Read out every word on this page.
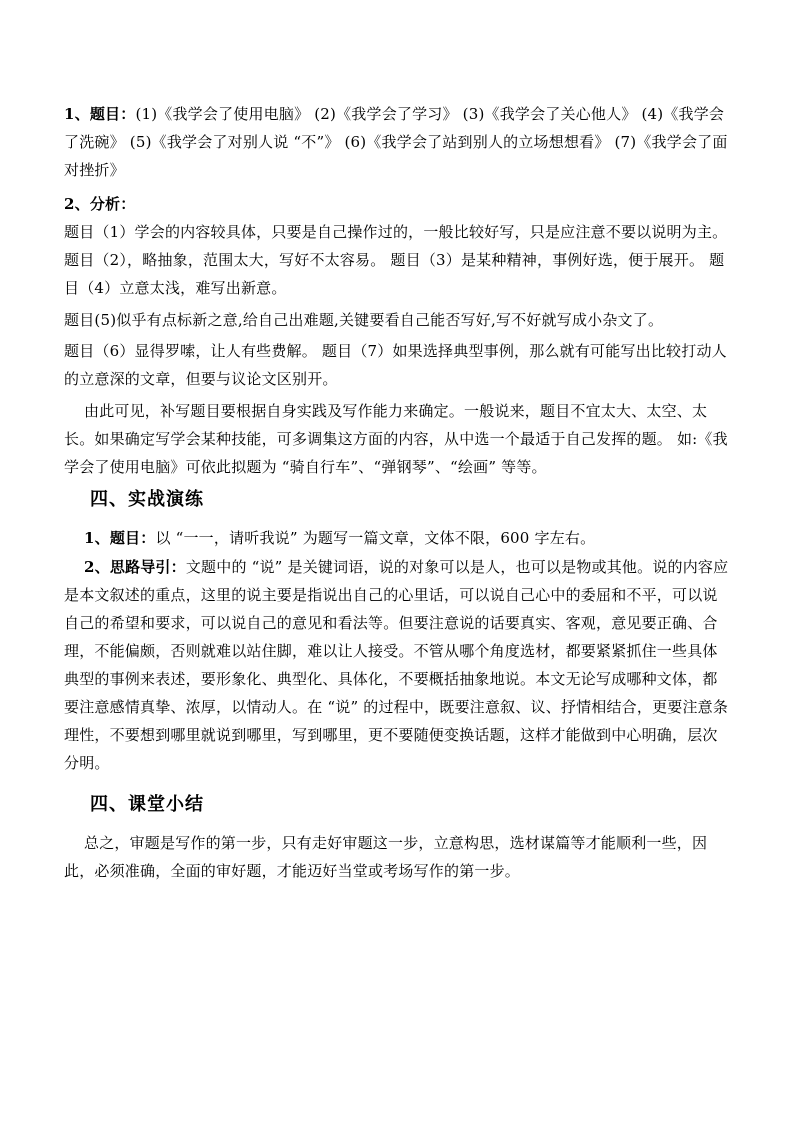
1、题目：(1)《我学会了使用电脑》 (2)《我学会了学习》 (3)《我学会了关心他人》 (4)《我学会了洗碗》 (5)《我学会了对别人说 “不”》 (6)《我学会了站到别人的立场想想看》 (7)《我学会了面对挫折》

2、分析：

题目（1）学会的内容较具体，只要是自己操作过的，一般比较好写，只是应注意不要以说明为主。题目（2），略抽象，范围太大，写好不太容易。 题目（3）是某种精神，事例好选，便于展开。 题目（4）立意太浅，难写出新意。

题目(5)似乎有点标新之意,给自己出难题,关键要看自己能否写好,写不好就写成小杂文了。

题目（6）显得罗嗦，让人有些费解。 题目（7）如果选择典型事例，那么就有可能写出比较打动人的立意深的文章，但要与议论文区别开。

由此可见，补写题目要根据自身实践及写作能力来确定。一般说来，题目不宜太大、太空、太长。如果确定写学会某种技能，可多调集这方面的内容，从中选一个最适于自己发挥的题。 如:《我学会了使用电脑》可依此拟题为 “骑自行车”、“弹钢琴”、“绘画” 等等。

四、实战演练

1、题目：以 “一一，请听我说” 为题写一篇文章，文体不限，600 字左右。

2、思路导引：文题中的 “说” 是关键词语，说的对象可以是人，也可以是物或其他。说的内容应是本文叙述的重点，这里的说主要是指说出自己的心里话，可以说自己心中的委屈和不平，可以说自己的希望和要求，可以说自己的意见和看法等。但要注意说的话要真实、客观，意见要正确、合理，不能偏颇，否则就难以站住脚，难以让人接受。不管从哪个角度选材，都要紧紧抓住一些具体典型的事例来表述，要形象化、典型化、具体化，不要概括抽象地说。本文无论写成哪种文体，都要注意感情真挚、浓厚，以情动人。在 “说” 的过程中，既要注意叙、议、抒情相结合，更要注意条理性，不要想到哪里就说到哪里，写到哪里，更不要随便变换话题，这样才能做到中心明确，层次分明。

四、课堂小结

总之，审题是写作的第一步，只有走好审题这一步，立意构思，选材谋篇等才能顺利一些，因此，必须准确，全面的审好题，才能迈好当堂或考场写作的第一步。
